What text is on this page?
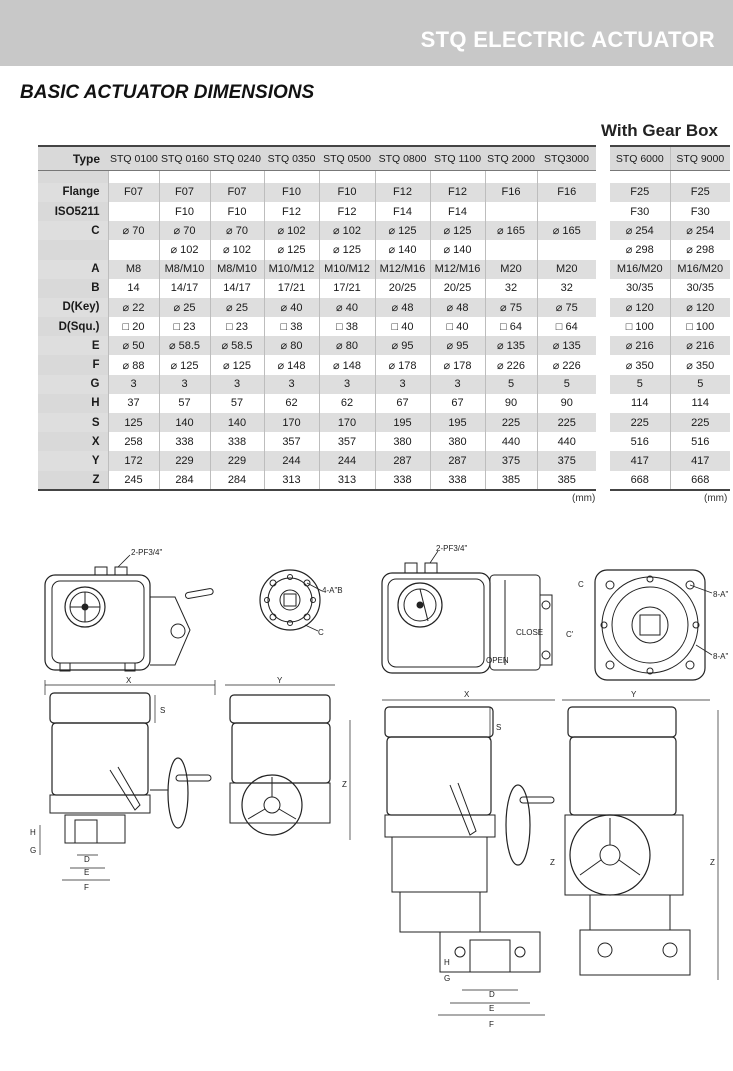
STQ ELECTRIC ACTUATOR
BASIC ACTUATOR DIMENSIONS
With Gear Box
Type	STQ 0100	STQ 0160	STQ 0240	STQ 0350	STQ 0500	STQ 0800	STQ 1100	STQ 2000	STQ3000

Flange	F07	F07	F07	F10	F10	F12	F12	F16	F16
ISO5211		F10	F10	F12	F12	F14	F14		
C	⌀ 70	⌀ 70	⌀ 70	⌀ 102	⌀ 102	⌀ 125	⌀ 125	⌀ 165	⌀ 165
		⌀ 102	⌀ 102	⌀ 125	⌀ 125	⌀ 140	⌀ 140		
A	M8	M8/M10	M8/M10	M10/M12	M10/M12	M12/M16	M12/M16	M20	M20
B	14	14/17	14/17	17/21	17/21	20/25	20/25	32	32
D(Key)	⌀ 22	⌀ 25	⌀ 25	⌀ 40	⌀ 40	⌀ 48	⌀ 48	⌀ 75	⌀ 75
D(Squ.)	□ 20	□ 23	□ 23	□ 38	□ 38	□ 40	□ 40	□ 64	□ 64
E	⌀ 50	⌀ 58.5	⌀ 58.5	⌀ 80	⌀ 80	⌀ 95	⌀ 95	⌀ 135	⌀ 135
F	⌀ 88	⌀ 125	⌀ 125	⌀ 148	⌀ 148	⌀ 178	⌀ 178	⌀ 226	⌀ 226
G	3	3	3	3	3	3	3	5	5
H	37	57	57	62	62	67	67	90	90
S	125	140	140	170	170	195	195	225	225
X	258	338	338	357	357	380	380	440	440
Y	172	229	229	244	244	287	287	375	375
Z	245	284	284	313	313	338	338	385	385
STQ 6000	STQ 9000

F25	F25
F30	F30
⌀ 254	⌀ 254
⌀ 298	⌀ 298
M16/M20	M16/M20
30/35	30/35
⌀ 120	⌀ 120
□ 100	□ 100
⌀ 216	⌀ 216
⌀ 350	⌀ 350
5	5
114	114
225	225
516	516
417	417
668	668
(mm)	(mm)
2-PF3/4"
4-A"B
C
X
S
H
G
D
E
F
Y
Z
2-PF3/4"
CLOSE
OPEN
8-A"
8-A"
C
C'
X
S
H
G
D
E
F
Z
Y
Z
